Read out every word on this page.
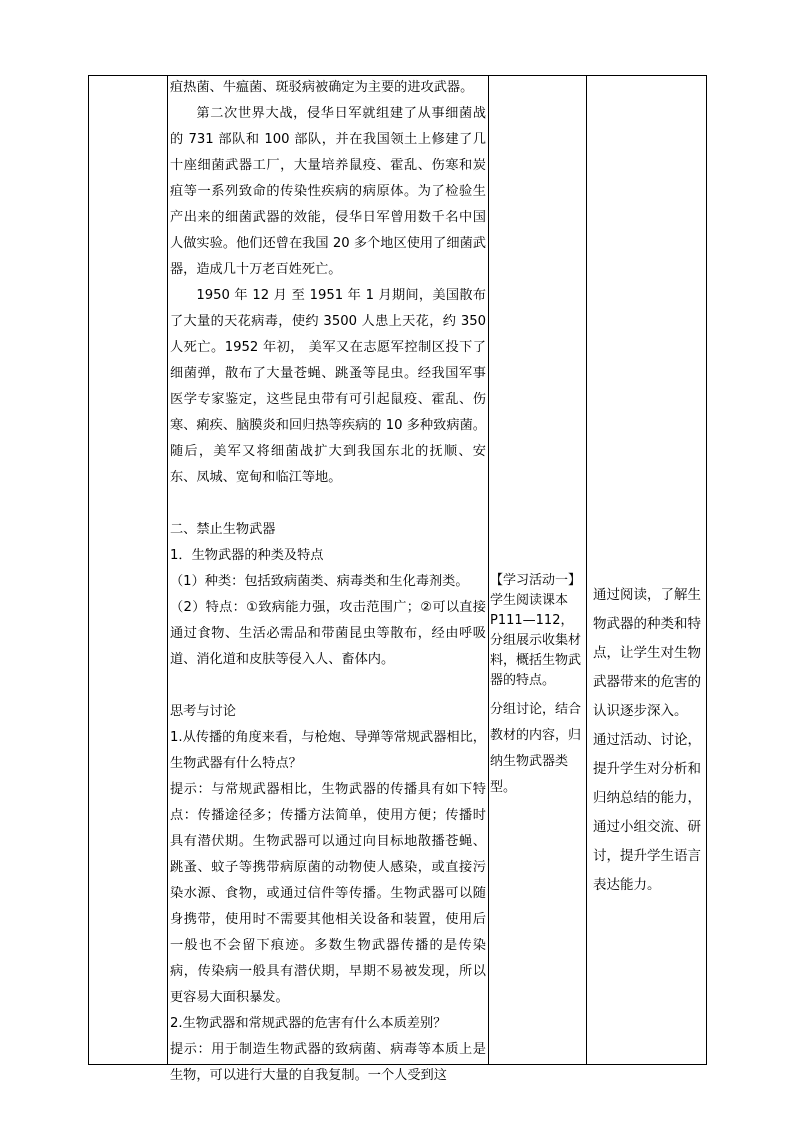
疽热菌、牛瘟菌、斑驳病被确定为主要的进攻武器。

第二次世界大战，侵华日军就组建了从事细菌战的 731 部队和 100 部队，并在我国领土上修建了几十座细菌武器工厂，大量培养鼠疫、霍乱、伤寒和炭疽等一系列致命的传染性疾病的病原体。为了检验生产出来的细菌武器的效能，侵华日军曾用数千名中国人做实验。他们还曾在我国 20 多个地区使用了细菌武器，造成几十万老百姓死亡。

1950 年 12 月 至 1951 年 1 月期间，美国散布了大量的天花病毒，使约 3500 人患上天花，约 350 人死亡。1952 年初， 美军又在志愿军控制区投下了细菌弹，散布了大量苍蝇、跳蚤等昆虫。经我国军事医学专家鉴定，这些昆虫带有可引起鼠疫、霍乱、伤寒、痢疾、脑膜炎和回归热等疾病的 10 多种致病菌。随后，美军又将细菌战扩大到我国东北的抚顺、安东、凤城、宽甸和临江等地。

二、禁止生物武器

1．生物武器的种类及特点

（1）种类：包括致病菌类、病毒类和生化毒剂类。

（2）特点：①致病能力强，攻击范围广；②可以直接通过食物、生活必需品和带菌昆虫等散布，经由呼吸道、消化道和皮肤等侵入人、畜体内。

思考与讨论

1.从传播的角度来看，与枪炮、导弹等常规武器相比，生物武器有什么特点？

提示：与常规武器相比，生物武器的传播具有如下特点：传播途径多；传播方法简单，使用方便；传播时具有潜伏期。生物武器可以通过向目标地散播苍蝇、跳蚤、蚊子等携带病原菌的动物使人感染，或直接污染水源、食物，或通过信件等传播。生物武器可以随身携带，使用时不需要其他相关设备和装置，使用后一般也不会留下痕迹。多数生物武器传播的是传染病，传染病一般具有潜伏期，早期不易被发现，所以更容易大面积暴发。

2.生物武器和常规武器的危害有什么本质差别？

提示：用于制造生物武器的致病菌、病毒等本质上是生物，可以进行大量的自我复制。一个人受到这

【学习活动一】学生阅读课本 P111—112，分组展示收集材料，概括生物武器的特点。

分组讨论，结合教材的内容，归纳生物武器类型。

通过阅读，了解生物武器的种类和特点，让学生对生物武器带来的危害的认识逐步深入。

通过活动、讨论，提升学生对分析和归纳总结的能力，通过小组交流、研讨，提升学生语言表达能力。
